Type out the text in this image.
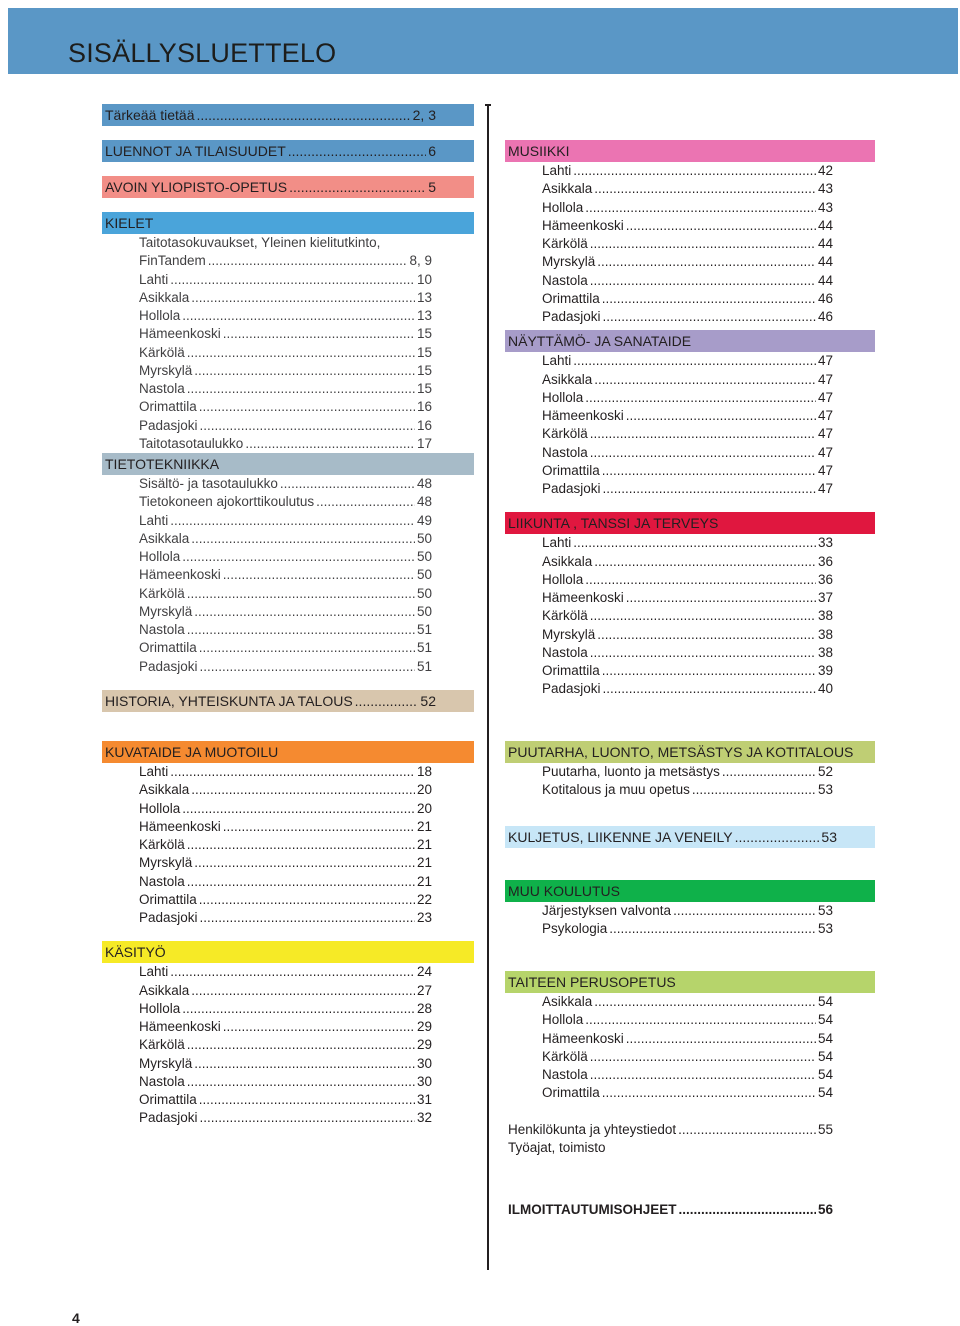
SISÄLLYSLUETTELO
Tärkeää tietää .....	2, 3
LUENNOT JA TILAISUUDET .....	6
AVOIN YLIOPISTO-OPETUS .....	5
KIELET
Taitotasokuvaukset, Yleinen kielitutkinto,
FinTandem .....	8, 9
Lahti .....	10
Asikkala .....	13
Hollola .....	13
Hämeenkoski .....	15
Kärkölä .....	15
Myrskylä .....	15
Nastola .....	15
Orimattila .....	16
Padasjoki .....	16
Taitotasotaulukko .....	17
TIETOTEKNIIKKA
Sisältö- ja tasotaulukko .....	48
Tietokoneen ajokorttikoulutus .....	48
Lahti .....	49
Asikkala .....	50
Hollola .....	50
Hämeenkoski .....	50
Kärkölä .....	50
Myrskylä .....	50
Nastola .....	51
Orimattila .....	51
Padasjoki .....	51
HISTORIA, YHTEISKUNTA JA TALOUS .....	52
MUSIIKKI
Lahti .....	42
Asikkala .....	43
Hollola .....	43
Hämeenkoski .....	44
Kärkölä .....	44
Myrskylä .....	44
Nastola .....	44
Orimattila .....	46
Padasjoki .....	46
NÄYTTÄMÖ- JA SANATAIDE
Lahti .....	47
Asikkala .....	47
Hollola .....	47
Hämeenkoski .....	47
Kärkölä .....	47
Nastola .....	47
Orimattila .....	47
Padasjoki .....	47
LIIKUNTA , TANSSI JA TERVEYS
Lahti .....	33
Asikkala .....	36
Hollola .....	36
Hämeenkoski .....	37
Kärkölä .....	38
Myrskylä .....	38
Nastola .....	38
Orimattila .....	39
Padasjoki .....	40
KUVATAIDE JA MUOTOILU
Lahti .....	18
Asikkala .....	20
Hollola .....	20
Hämeenkoski .....	21
Kärkölä .....	21
Myrskylä .....	21
Nastola .....	21
Orimattila .....	22
Padasjoki .....	23
KÄSITYÖ
Lahti .....	24
Asikkala .....	27
Hollola .....	28
Hämeenkoski .....	29
Kärkölä .....	29
Myrskylä .....	30
Nastola .....	30
Orimattila .....	31
Padasjoki .....	32
PUUTARHA, LUONTO, METSÄSTYS JA KOTITALOUS
Puutarha, luonto ja metsästys .....	52
Kotitalous ja muu opetus .....	53
KULJETUS, LIIKENNE JA VENEILY .....	53
MUU KOULUTUS
Järjestyksen valvonta .....	53
Psykologia .....	53
TAITEEN PERUSOPETUS
Asikkala .....	54
Hollola .....	54
Hämeenkoski .....	54
Kärkölä .....	54
Nastola .....	54
Orimattila .....	54
Henkilökunta ja yhteystiedot .....	55
Työajat, toimisto
ILMOITTAUTUMISOHJEET .....	56
4
